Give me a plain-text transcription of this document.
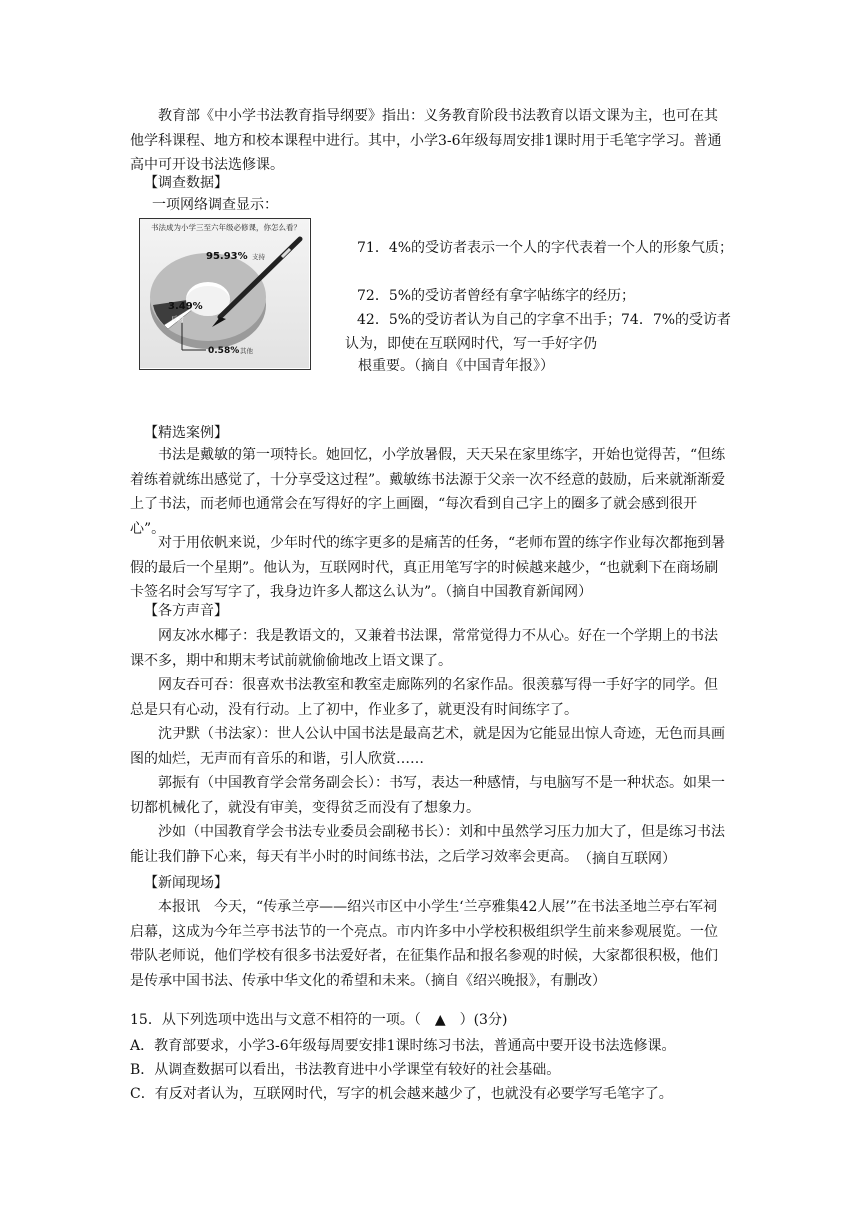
教育部《中小学书法教育指导纲要》指出：义务教育阶段书法教育以语文课为主，也可在其他学科课程、地方和校本课程中进行。其中，小学3-6年级每周安排1课时用于毛笔字学习。普通高中可开设书法选修课。

【调查数据】

一项网络调查显示：

书法成为小学三至六年级必修课，你怎么看？
95.93% 支持
3.49%
反对
0.58% 其他

71．4%的受访者表示一个人的字代表着一个人的形象气质；

72．5%的受访者曾经有拿字帖练字的经历；

42．5%的受访者认为自己的字拿不出手；74．7%的受访者认为，即使在互联网时代，写一手好字仍

根重要。（摘自《中国青年报》）

【精选案例】

书法是戴敏的第一项特长。她回忆，小学放暑假，天天呆在家里练字，开始也觉得苦，“但练着练着就练出感觉了，十分享受这过程”。戴敏练书法源于父亲一次不经意的鼓励，后来就渐渐爱上了书法，而老师也通常会在写得好的字上画圈，“每次看到自己字上的圈多了就会感到很开心”。

对于用依帆来说，少年时代的练字更多的是痛苦的任务，“老师布置的练字作业每次都拖到暑假的最后一个星期”。他认为，互联网时代，真正用笔写字的时候越来越少，“也就剩下在商场刷卡签名时会写写字了，我身边许多人都这么认为”。（摘自中国教育新闻网）

【各方声音】

网友冰水椰子：我是教语文的，又兼着书法课，常常觉得力不从心。好在一个学期上的书法课不多，期中和期末考试前就偷偷地改上语文课了。

网友吞可吞：很喜欢书法教室和教室走廊陈列的名家作品。很羡慕写得一手好字的同学。但总是只有心动，没有行动。上了初中，作业多了，就更没有时间练字了。

沈尹默（书法家）：世人公认中国书法是最高艺术，就是因为它能显出惊人奇迹，无色而具画图的灿烂，无声而有音乐的和谐，引人欣赏……

郭振有（中国教育学会常务副会长）：书写，表达一种感情，与电脑写不是一种状态。如果一切都机械化了，就没有审美，变得贫乏而没有了想象力。

沙如（中国教育学会书法专业委员会副秘书长）：刘和中虽然学习压力加大了，但是练习书法能让我们静下心来，每天有半小时的时间练书法，之后学习效率会更高。 （摘自互联网）

【新闻现场】

本报讯　今天，“传承兰亭——绍兴市区中小学生‘兰亭雅集42人展’”在书法圣地兰亭右军祠启幕，这成为今年兰亭书法节的一个亮点。市内许多中小学校积极组织学生前来参观展览。一位带队老师说，他们学校有很多书法爱好者，在征集作品和报名参观的时候，大家都很积极，他们是传承中国书法、传承中华文化的希望和未来。（摘自《绍兴晚报》，有删改）

15．从下列选项中选出与文意不相符的一项。（　▲　）(3分)

A．教育部要求，小学3-6年级每周要安排1课时练习书法，普通高中要开设书法选修课。

B．从调查数据可以看出，书法教育进中小学课堂有较好的社会基础。

C．有反对者认为，互联网时代，写字的机会越来越少了，也就没有必要学写毛笔字了。
